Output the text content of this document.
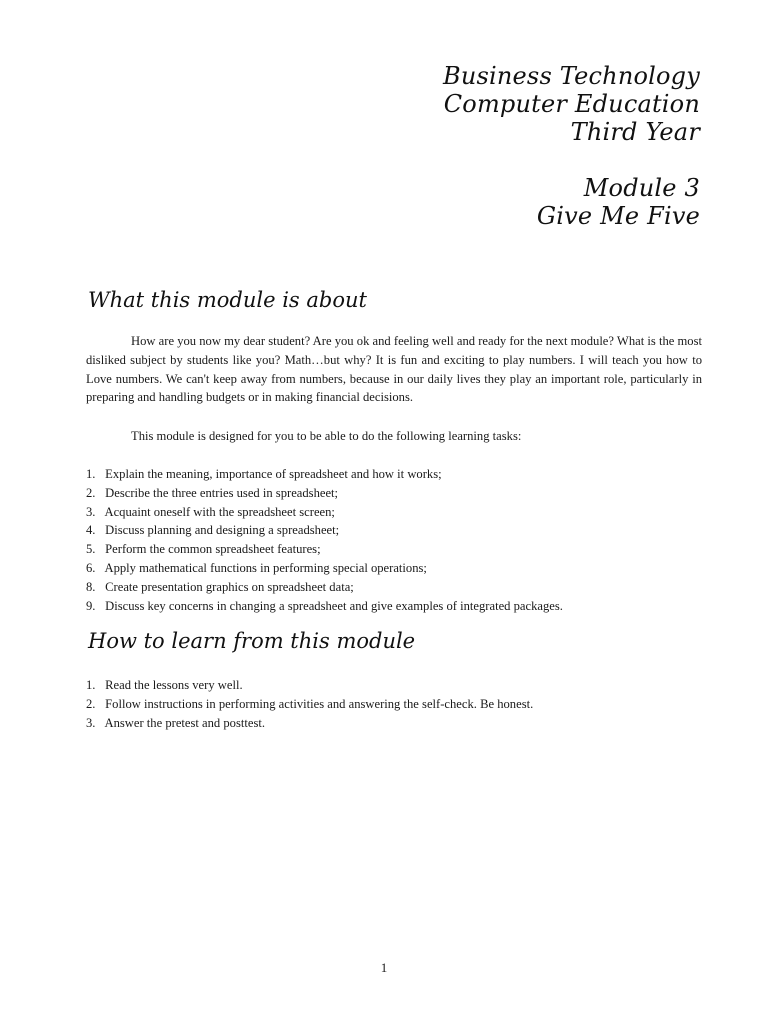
Business Technology
Computer Education
Third Year
Module 3
Give Me Five
What this module is about

How are you now my dear student? Are you ok and feeling well and ready for the next module? What is the most disliked subject by students like you? Math…but why? It is fun and exciting to play numbers. I will teach you how to Love numbers. We can't keep away from numbers, because in our daily lives they play an important role, particularly in preparing and handling budgets or in making financial decisions.

This module is designed for you to be able to do the following learning tasks:

1. Explain the meaning, importance of spreadsheet and how it works;
2. Describe the three entries used in spreadsheet;
3. Acquaint oneself with the spreadsheet screen;
4. Discuss planning and designing a spreadsheet;
5. Perform the common spreadsheet features;
6. Apply mathematical functions in performing special operations;
8. Create presentation graphics on spreadsheet data;
9. Discuss key concerns in changing a spreadsheet and give examples of integrated packages.
How to learn from this module
1. Read the lessons very well.
2. Follow instructions in performing activities and answering the self-check. Be honest.
3. Answer the pretest and posttest.
1
